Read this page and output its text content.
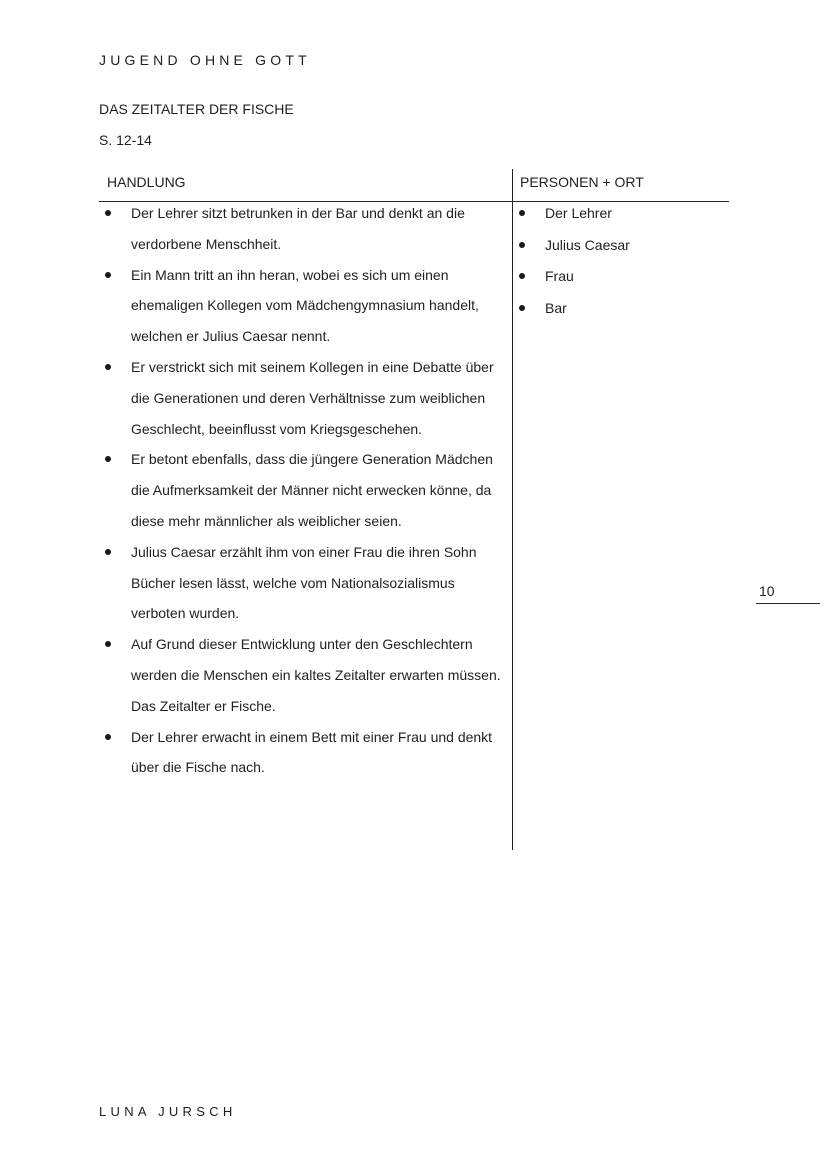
JUGEND OHNE GOTT
DAS ZEITALTER DER FISCHE
S. 12-14
HANDLUNG	PERSONEN + ORT
Der Lehrer sitzt betrunken in der Bar und denkt an die verdorbene Menschheit.
Ein Mann tritt an ihn heran, wobei es sich um einen ehemaligen Kollegen vom Mädchengymnasium handelt, welchen er Julius Caesar nennt.
Er verstrickt sich mit seinem Kollegen in eine Debatte über die Generationen und deren Verhältnisse zum weiblichen Geschlecht, beeinflusst vom Kriegsgeschehen.
Er betont ebenfalls, dass die jüngere Generation Mädchen die Aufmerksamkeit der Männer nicht erwecken könne, da diese mehr männlicher als weiblicher seien.
Julius Caesar erzählt ihm von einer Frau die ihren Sohn Bücher lesen lässt, welche vom Nationalsozialismus verboten wurden.
Auf Grund dieser Entwicklung unter den Geschlechtern werden die Menschen ein kaltes Zeitalter erwarten müssen. Das Zeitalter er Fische.
Der Lehrer erwacht in einem Bett mit einer Frau und denkt über die Fische nach.
Der Lehrer
Julius Caesar
Frau
Bar
10
LUNA JURSCH
